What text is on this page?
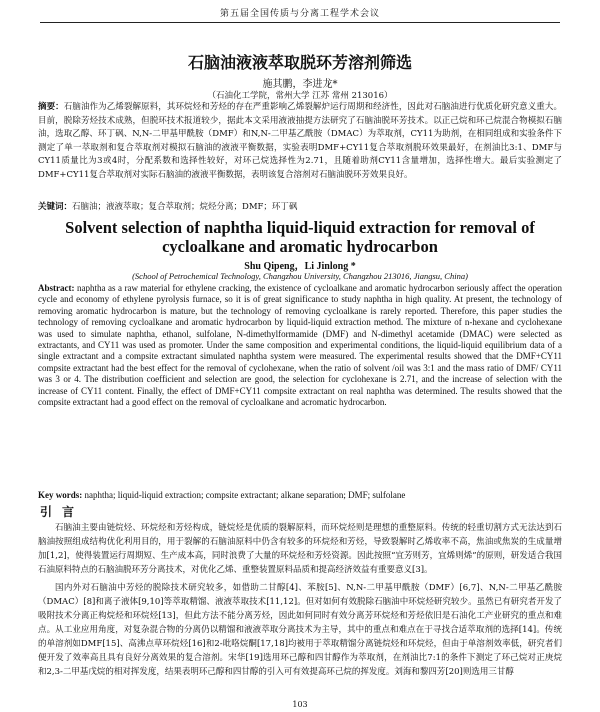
第五届全国传质与分离工程学术会议
石脑油液液萃取脱环芳溶剂筛选
施其鹏，李进龙*
（石油化工学院，常州大学 江苏 常州 213016）
摘要：石脑油作为乙烯裂解原料，其环烷烃和芳烃的存在严重影响乙烯裂解炉运行周期和经济性，因此对石脑油进行优质化研究意义重大。目前，脱除芳烃技术成熟，但脱环技术报道较少，据此本文采用液液抽提方法研究了石脑油脱环芳技术。以正己烷和环己烷混合物模拟石脑油，选取乙醇、环丁砜、N,N-二甲基甲酰胺（DMF）和N,N-二甲基乙酰胺（DMAC）为萃取剂，CY11为助剂，在相同组成和实验条件下测定了单一萃取剂和复合萃取剂对模拟石脑油的液液平衡数据，实验表明DMF+CY11复合萃取剂脱环效果最好，在剂油比3:1、DMF与CY11质量比为3或4时，分配系数和选择性较好，对环己烷选择性为2.71，且随着助剂CY11含量增加，选择性增大。最后实验测定了DMF+CY11复合萃取剂对实际石脑油的液液平衡数据，表明该复合溶剂对石脑油脱环芳效果良好。
关键词：石脑油；液液萃取；复合萃取剂；烷烃分离；DMF；环丁砜
Solvent selection of naphtha liquid-liquid extraction for removal of cycloalkane and aromatic hydrocarbon
Shu Qipeng，Li Jinlong *
(School of Petrochemical Technology, Changzhou University, Changzhou 213016, Jiangsu, China)
Abstract: naphtha as a raw material for ethylene cracking, the existence of cycloalkane and aromatic hydrocarbon seriously affect the operation cycle and economy of ethylene pyrolysis furnace, so it is of great significance to study naphtha in high quality. At present, the technology of removing aromatic hydrocarbon is mature, but the technology of removing cycloalkane is rarely reported. Therefore, this paper studies the technology of removing cycloalkane and aromatic hydrocarbon by liquid-liquid extraction method. The mixture of n-hexane and cyclohexane was used to simulate naphtha, ethanol, sulfolane, N-dimethylformamide (DMF) and N-dimethyl acetamide (DMAC) were selected as extractants, and CY11 was used as promoter. Under the same composition and experimental conditions, the liquid-liquid equilibrium data of a single extractant and a compsite extractant simulated naphtha system were measured. The experimental results showed that the DMF+CY11 compsite extractant had the best effect for the removal of cyclohexane, when the ratio of solvent /oil was 3:1 and the mass ratio of DMF/ CY11 was 3 or 4. The distribution coefficient and selection are good, the selection for cyclohexane is 2.71, and the increase of selection with the increase of CY11 content. Finally, the effect of DMF+CY11 compsite extractant on real naphtha was determined. The results showed that the compsite extractant had a good effect on the removal of cycloalkane and acromatic hydrocarbon.
Key words: naphtha; liquid-liquid extraction; compsite extractant; alkane separation; DMF; sulfolane
引言

石脑油主要由链烷烃、环烷烃和芳烃构成，链烷烃是优质的裂解原料，而环烷烃则是理想的重整原料。传统的轻重切割方式无法达到石脑油按照组成结构优化利用目的，用于裂解的石脑油原料中仍含有较多的环烷烃和芳烃，导致裂解时乙烯收率不高，焦油或焦炭的生成量增加[1,2]，使得装置运行周期短、生产成本高，同时浪费了大量的环烷烃和芳烃资源。因此按照“宜芳则芳，宜烯则烯”的原则，研发适合我国石油原料特点的石脑油脱环芳分离技术，对优化乙烯、重整装置原料品质和提高经济效益有重要意义[3]。

国内外对石脑油中芳烃的脱除技术研究较多，如借助二甘醇[4]、苯胺[5]、N,N-二甲基甲酰胺（DMF）[6,7]、N,N-二甲基乙酰胺（DMAC）[8]和离子液体[9,10]等萃取精馏、液液萃取技术[11,12]。但对如何有效脱除石脑油中环烷烃研究较少。虽然已有研究者开发了吸附技术分离正构烷烃和环烷烃[13]，但此方法不能分离芳烃，因此如何同时有效分离芳环烷烃和芳烃依旧是石油化工产业研究的重点和难点。从工业应用角度，对复杂混合物的分离仍以精馏和液液萃取分离技术为主导，其中的重点和难点在于寻找合适萃取剂的选择[14]。传统的单溶剂如DMF[15]、高沸点草环烷烃[16]和2-吡咯烷酮[17,18]均被用于萃取精馏分离链烷烃和环烷烃，但由于单溶剂效率低，研究者们便开发了效率高且具有良好分离效果的复合溶剂。宋华[19]选用环己醇和四甘醇作为萃取剂，在剂油比7:1的条件下测定了环己烷对正庚烷和2,3-二甲基戊烷的相对挥发度，结果表明环己醇和四甘醇的引入可有效提高环己烷的挥发度。刘海和黎四芳[20]则选用三甘醇

103
